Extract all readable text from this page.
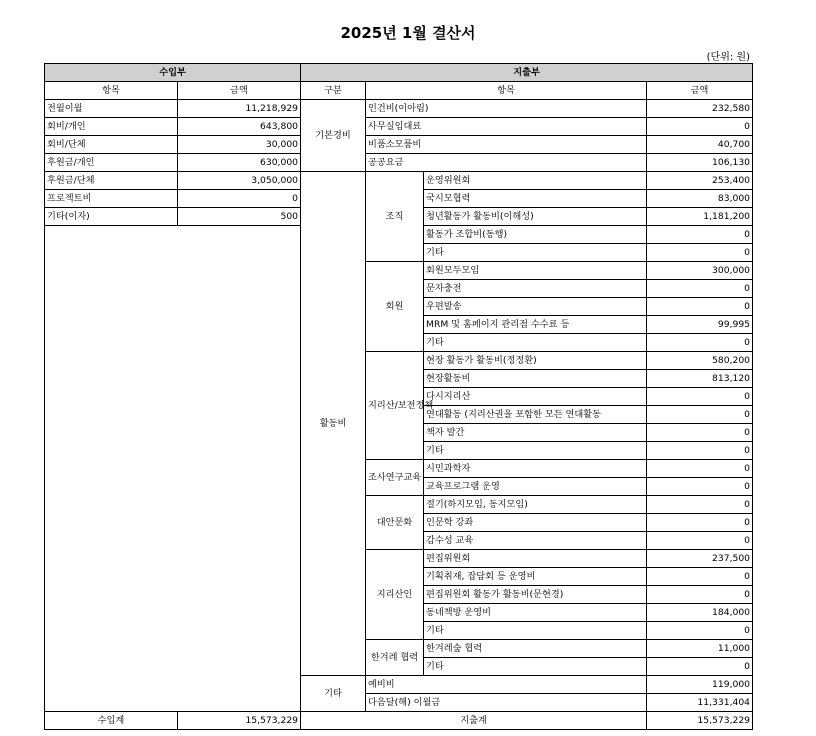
2025년 1월 결산서
(단위: 원)
수입부		지출부			
항목	금액	구분	항목		금액
전월이월	11,218,929	기본경비	인건비(이아림)		232,580
회비/개인	643,800		사무실임대료		0
회비/단체	30,000		비품소모품비		40,700
후원금/개인	630,000		공공요금		106,130
후원금/단체	3,050,000	활동비	조직	운영위원회	253,400
프로젝트비	0			국시모협력	83,000
기타(이자)	500			청년활동가 활동비(이해성)	1,181,200
				활동가 조합비(동행)	0
				기타	0
			회원	회원모두모임	300,000
				문자충전	0
				우편발송	0
				MRM 및 홈페이지 관리점 수수료 등	99,995
				기타	0
			지리산/보전정책	현장 활동가 활동비(정정환)	580,200
				현장활동비	813,120
				다시지리산	0
				연대활동 (지리산권을 포함한 모든 연대활동	0
				책자 발간	0
				기타	0
			조사연구교육	시민과학자	0
				교육프로그램 운영	0
			대안문화	절기(하지모임, 동지모임)	0
				인문학 강좌	0
				감수성 교육	0
			지리산인	편집위원회	237,500
				기획취재, 잡담회 등 운영비	0
				편집위원회 활동가 활동비(문현경)	0
				동네책방 운영비	184,000
				기타	0
			한겨레 협력	한겨레숲 협력	11,000
				기타	0
		기타	예비비		119,000
			다음달(해) 이월금		11,331,404
수입계	15,573,229	지출계			15,573,229
